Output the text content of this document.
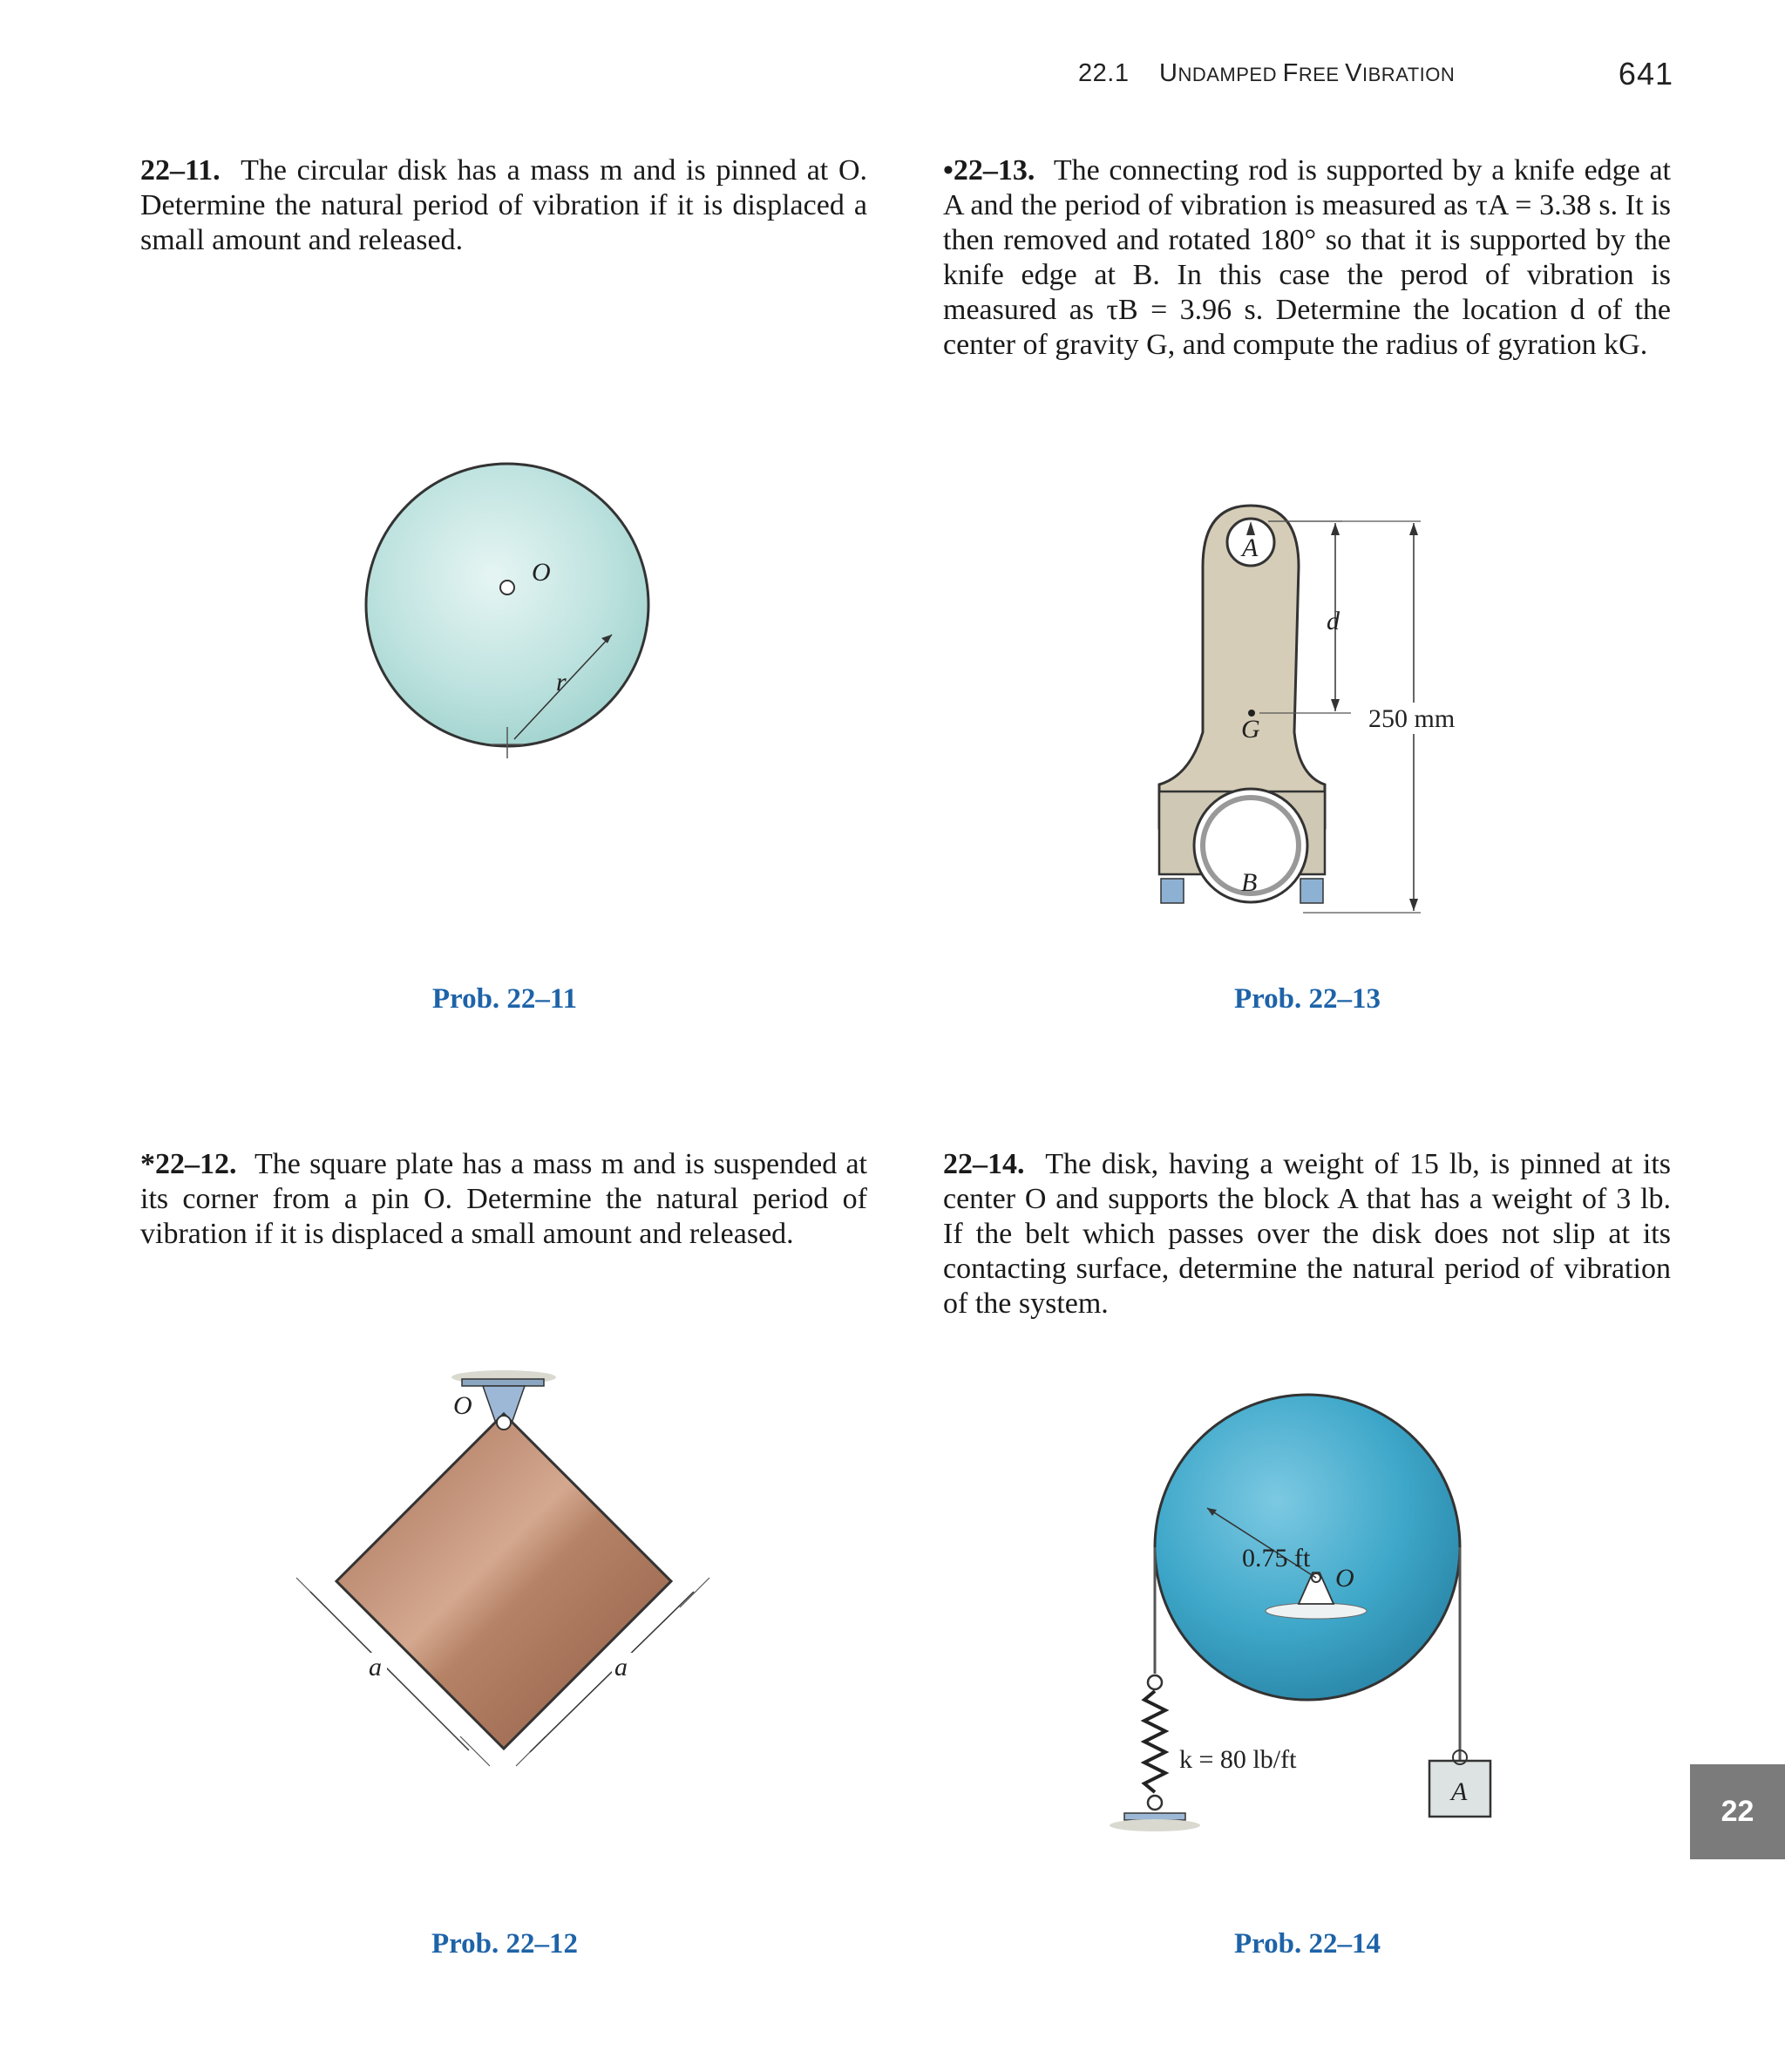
22.1 UNDAMPED FREE VIBRATION	641
22–11. The circular disk has a mass m and is pinned at O. Determine the natural period of vibration if it is displaced a small amount and released.
•22–13. The connecting rod is supported by a knife edge at A and the period of vibration is measured as τA = 3.38 s. It is then removed and rotated 180° so that it is supported by the knife edge at B. In this case the perod of vibration is measured as τB = 3.96 s. Determine the location d of the center of gravity G, and compute the radius of gyration kG.
*22–12. The square plate has a mass m and is suspended at its corner from a pin O. Determine the natural period of vibration if it is displaced a small amount and released.
22–14. The disk, having a weight of 15 lb, is pinned at its center O and supports the block A that has a weight of 3 lb. If the belt which passes over the disk does not slip at its contacting surface, determine the natural period of vibration of the system.
O
r
Prob. 22–11
A
G
B
d
250 mm
Prob. 22–13
O
a	a
Prob. 22–12
0.75 ft
O
k = 80 lb/ft
A
Prob. 22–14
22
